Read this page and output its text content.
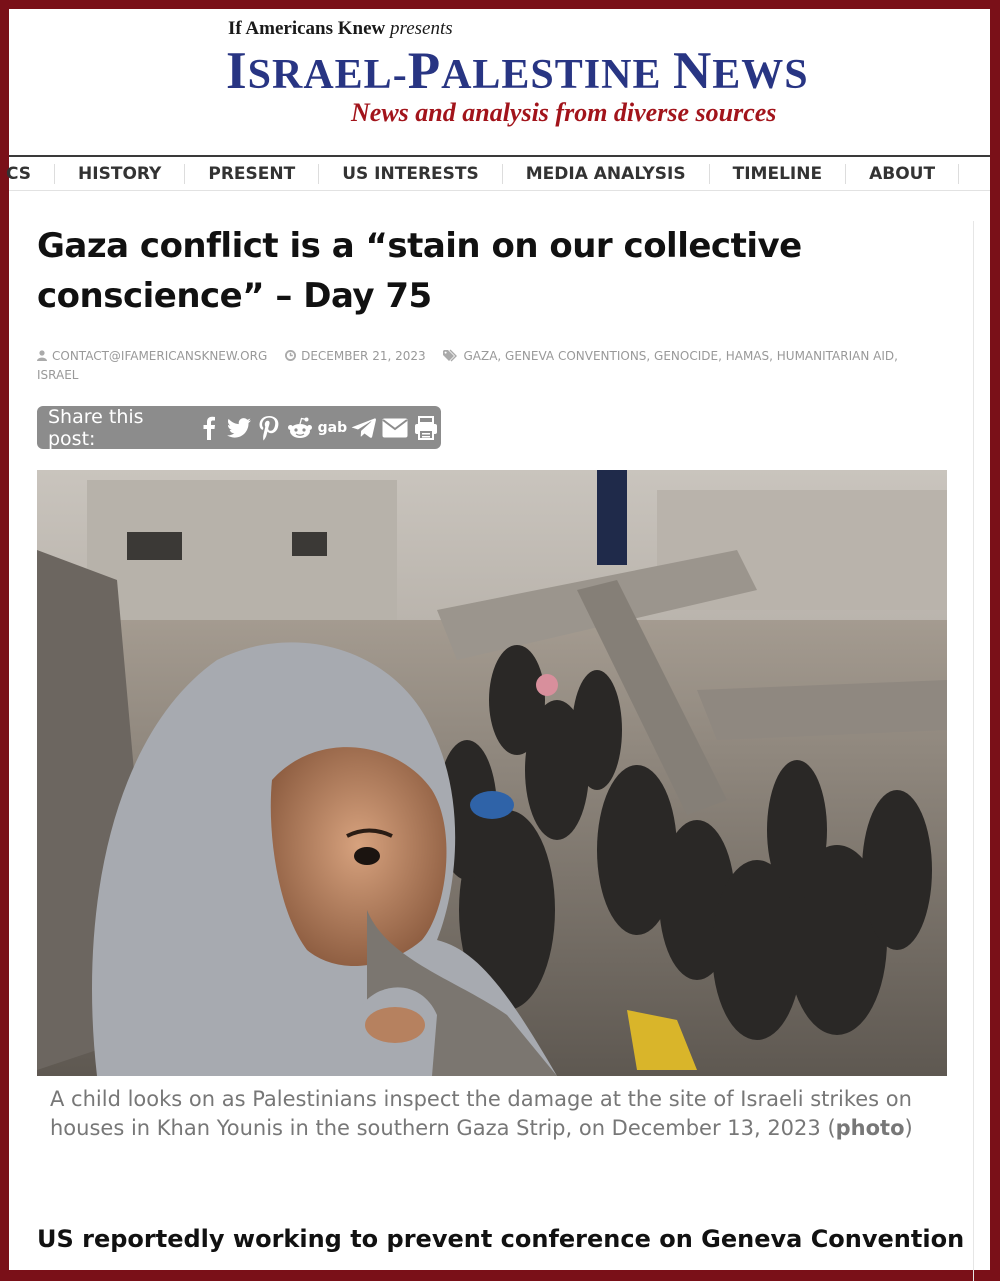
If Americans Knew presents
ISRAEL-PALESTINE NEWS
News and analysis from diverse sources
CS	HISTORY	PRESENT	US INTERESTS	MEDIA ANALYSIS	TIMELINE	ABOUT
Gaza conflict is a “stain on our collective conscience” – Day 75
CONTACT@IFAMERICANSKNEW.ORG	DECEMBER 21, 2023	GAZA, GENEVA CONVENTIONS, GENOCIDE, HAMAS, HUMANITARIAN AID, ISRAEL
Share this post:	gab
A child looks on as Palestinians inspect the damage at the site of Israeli strikes on houses in Khan Younis in the southern Gaza Strip, on December 13, 2023 (photo)
US reportedly working to prevent conference on Geneva Convention
